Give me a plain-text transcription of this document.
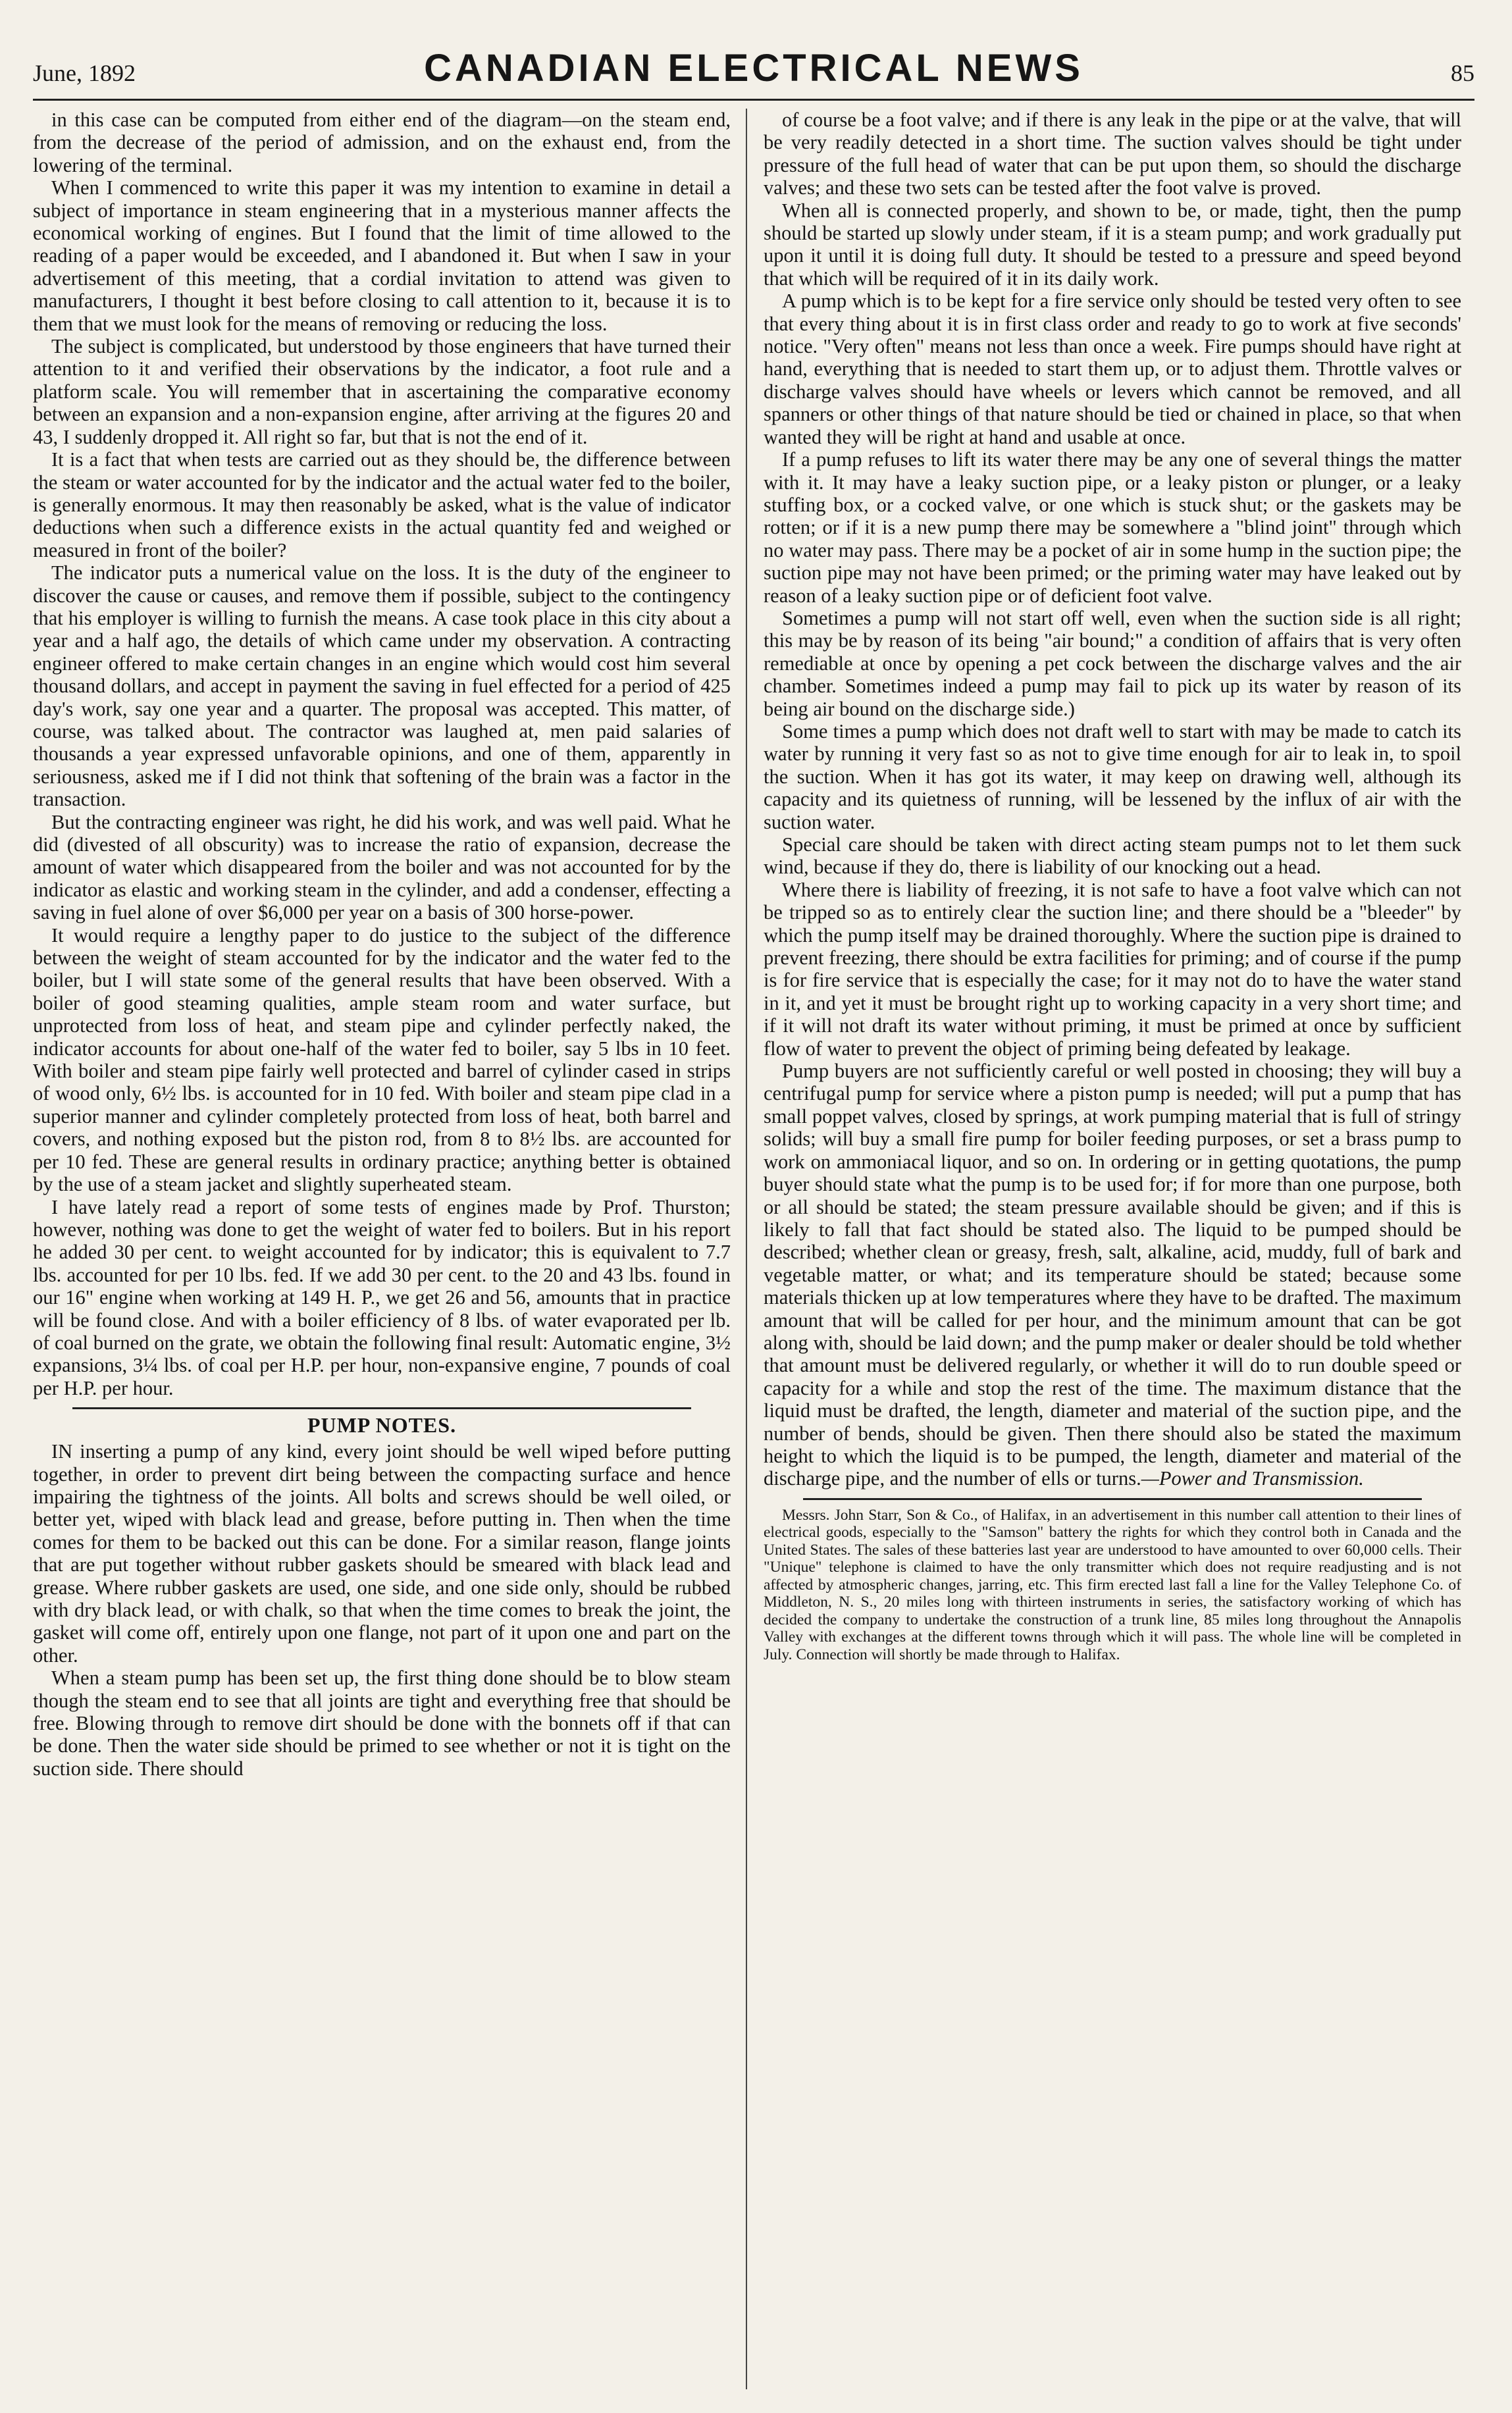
June, 1892	CANADIAN ELECTRICAL NEWS	85

in this case can be computed from either end of the diagram—on the steam end, from the decrease of the period of admission, and on the exhaust end, from the lowering of the terminal.

When I commenced to write this paper it was my intention to examine in detail a subject of importance in steam engineering that in a mysterious manner affects the economical working of engines. But I found that the limit of time allowed to the reading of a paper would be exceeded, and I abandoned it. But when I saw in your advertisement of this meeting, that a cordial invitation to attend was given to manufacturers, I thought it best before closing to call attention to it, because it is to them that we must look for the means of removing or reducing the loss.

The subject is complicated, but understood by those engineers that have turned their attention to it and verified their observations by the indicator, a foot rule and a platform scale. You will remember that in ascertaining the comparative economy between an expansion and a non-expansion engine, after arriving at the figures 20 and 43, I suddenly dropped it. All right so far, but that is not the end of it.

It is a fact that when tests are carried out as they should be, the difference between the steam or water accounted for by the indicator and the actual water fed to the boiler, is generally enormous. It may then reasonably be asked, what is the value of indicator deductions when such a difference exists in the actual quantity fed and weighed or measured in front of the boiler?

The indicator puts a numerical value on the loss. It is the duty of the engineer to discover the cause or causes, and remove them if possible, subject to the contingency that his employer is willing to furnish the means. A case took place in this city about a year and a half ago, the details of which came under my observation. A contracting engineer offered to make certain changes in an engine which would cost him several thousand dollars, and accept in payment the saving in fuel effected for a period of 425 day's work, say one year and a quarter. The proposal was accepted. This matter, of course, was talked about. The contractor was laughed at, men paid salaries of thousands a year expressed unfavorable opinions, and one of them, apparently in seriousness, asked me if I did not think that softening of the brain was a factor in the transaction.

But the contracting engineer was right, he did his work, and was well paid. What he did (divested of all obscurity) was to increase the ratio of expansion, decrease the amount of water which disappeared from the boiler and was not accounted for by the indicator as elastic and working steam in the cylinder, and add a condenser, effecting a saving in fuel alone of over $6,000 per year on a basis of 300 horse-power.

It would require a lengthy paper to do justice to the subject of the difference between the weight of steam accounted for by the indicator and the water fed to the boiler, but I will state some of the general results that have been observed. With a boiler of good steaming qualities, ample steam room and water surface, but unprotected from loss of heat, and steam pipe and cylinder perfectly naked, the indicator accounts for about one-half of the water fed to boiler, say 5 lbs in 10 feet. With boiler and steam pipe fairly well protected and barrel of cylinder cased in strips of wood only, 6½ lbs. is accounted for in 10 fed. With boiler and steam pipe clad in a superior manner and cylinder completely protected from loss of heat, both barrel and covers, and nothing exposed but the piston rod, from 8 to 8½ lbs. are accounted for per 10 fed. These are general results in ordinary practice; anything better is obtained by the use of a steam jacket and slightly superheated steam.

I have lately read a report of some tests of engines made by Prof. Thurston; however, nothing was done to get the weight of water fed to boilers. But in his report he added 30 per cent. to weight accounted for by indicator; this is equivalent to 7.7 lbs. accounted for per 10 lbs. fed. If we add 30 per cent. to the 20 and 43 lbs. found in our 16" engine when working at 149 H. P., we get 26 and 56, amounts that in practice will be found close. And with a boiler efficiency of 8 lbs. of water evaporated per lb. of coal burned on the grate, we obtain the following final result: Automatic engine, 3½ expansions, 3¼ lbs. of coal per H.P. per hour, non-expansive engine, 7 pounds of coal per H.P. per hour.

PUMP NOTES.

IN inserting a pump of any kind, every joint should be well wiped before putting together, in order to prevent dirt being between the compacting surface and hence impairing the tightness of the joints. All bolts and screws should be well oiled, or better yet, wiped with black lead and grease, before putting in. Then when the time comes for them to be backed out this can be done. For a similar reason, flange joints that are put together without rubber gaskets should be smeared with black lead and grease. Where rubber gaskets are used, one side, and one side only, should be rubbed with dry black lead, or with chalk, so that when the time comes to break the joint, the gasket will come off, entirely upon one flange, not part of it upon one and part on the other.

When a steam pump has been set up, the first thing done should be to blow steam though the steam end to see that all joints are tight and everything free that should be free. Blowing through to remove dirt should be done with the bonnets off if that can be done. Then the water side should be primed to see whether or not it is tight on the suction side. There should

of course be a foot valve; and if there is any leak in the pipe or at the valve, that will be very readily detected in a short time. The suction valves should be tight under pressure of the full head of water that can be put upon them, so should the discharge valves; and these two sets can be tested after the foot valve is proved.

When all is connected properly, and shown to be, or made, tight, then the pump should be started up slowly under steam, if it is a steam pump; and work gradually put upon it until it is doing full duty. It should be tested to a pressure and speed beyond that which will be required of it in its daily work.

A pump which is to be kept for a fire service only should be tested very often to see that every thing about it is in first class order and ready to go to work at five seconds' notice. "Very often" means not less than once a week. Fire pumps should have right at hand, everything that is needed to start them up, or to adjust them. Throttle valves or discharge valves should have wheels or levers which cannot be removed, and all spanners or other things of that nature should be tied or chained in place, so that when wanted they will be right at hand and usable at once.

If a pump refuses to lift its water there may be any one of several things the matter with it. It may have a leaky suction pipe, or a leaky piston or plunger, or a leaky stuffing box, or a cocked valve, or one which is stuck shut; or the gaskets may be rotten; or if it is a new pump there may be somewhere a "blind joint" through which no water may pass. There may be a pocket of air in some hump in the suction pipe; the suction pipe may not have been primed; or the priming water may have leaked out by reason of a leaky suction pipe or of deficient foot valve.

Sometimes a pump will not start off well, even when the suction side is all right; this may be by reason of its being "air bound;" a condition of affairs that is very often remediable at once by opening a pet cock between the discharge valves and the air chamber. Sometimes indeed a pump may fail to pick up its water by reason of its being air bound on the discharge side.)

Some times a pump which does not draft well to start with may be made to catch its water by running it very fast so as not to give time enough for air to leak in, to spoil the suction. When it has got its water, it may keep on drawing well, although its capacity and its quietness of running, will be lessened by the influx of air with the suction water.

Special care should be taken with direct acting steam pumps not to let them suck wind, because if they do, there is liability of our knocking out a head.

Where there is liability of freezing, it is not safe to have a foot valve which can not be tripped so as to entirely clear the suction line; and there should be a "bleeder" by which the pump itself may be drained thoroughly. Where the suction pipe is drained to prevent freezing, there should be extra facilities for priming; and of course if the pump is for fire service that is especially the case; for it may not do to have the water stand in it, and yet it must be brought right up to working capacity in a very short time; and if it will not draft its water without priming, it must be primed at once by sufficient flow of water to prevent the object of priming being defeated by leakage.

Pump buyers are not sufficiently careful or well posted in choosing; they will buy a centrifugal pump for service where a piston pump is needed; will put a pump that has small poppet valves, closed by springs, at work pumping material that is full of stringy solids; will buy a small fire pump for boiler feeding purposes, or set a brass pump to work on ammoniacal liquor, and so on. In ordering or in getting quotations, the pump buyer should state what the pump is to be used for; if for more than one purpose, both or all should be stated; the steam pressure available should be given; and if this is likely to fall that fact should be stated also. The liquid to be pumped should be described; whether clean or greasy, fresh, salt, alkaline, acid, muddy, full of bark and vegetable matter, or what; and its temperature should be stated; because some materials thicken up at low temperatures where they have to be drafted. The maximum amount that will be called for per hour, and the minimum amount that can be got along with, should be laid down; and the pump maker or dealer should be told whether that amount must be delivered regularly, or whether it will do to run double speed or capacity for a while and stop the rest of the time. The maximum distance that the liquid must be drafted, the length, diameter and material of the suction pipe, and the number of bends, should be given. Then there should also be stated the maximum height to which the liquid is to be pumped, the length, diameter and material of the discharge pipe, and the number of ells or turns.—Power and Transmission.

Messrs. John Starr, Son & Co., of Halifax, in an advertisement in this number call attention to their lines of electrical goods, especially to the "Samson" battery the rights for which they control both in Canada and the United States. The sales of these batteries last year are understood to have amounted to over 60,000 cells. Their "Unique" telephone is claimed to have the only transmitter which does not require readjusting and is not affected by atmospheric changes, jarring, etc. This firm erected last fall a line for the Valley Telephone Co. of Middleton, N. S., 20 miles long with thirteen instruments in series, the satisfactory working of which has decided the company to undertake the construction of a trunk line, 85 miles long throughout the Annapolis Valley with exchanges at the different towns through which it will pass. The whole line will be completed in July. Connection will shortly be made through to Halifax.
